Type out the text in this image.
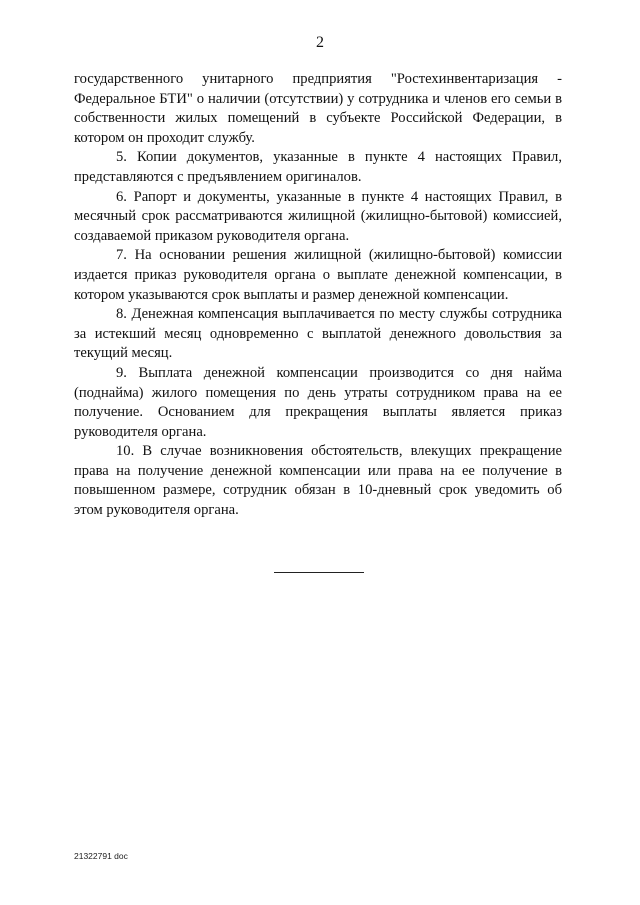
2

государственного унитарного предприятия "Ростехинвентаризация - Федеральное БТИ" о наличии (отсутствии) у сотрудника и членов его семьи в собственности жилых помещений в субъекте Российской Федерации, в котором он проходит службу.

5. Копии документов, указанные в пункте 4 настоящих Правил, представляются с предъявлением оригиналов.

6. Рапорт и документы, указанные в пункте 4 настоящих Правил, в месячный срок рассматриваются жилищной (жилищно-бытовой) комиссией, создаваемой приказом руководителя органа.

7. На основании решения жилищной (жилищно-бытовой) комиссии издается приказ руководителя органа о выплате денежной компенсации, в котором указываются срок выплаты и размер денежной компенсации.

8. Денежная компенсация выплачивается по месту службы сотрудника за истекший месяц одновременно с выплатой денежного довольствия за текущий месяц.

9. Выплата денежной компенсации производится со дня найма (поднайма) жилого помещения по день утраты сотрудником права на ее получение. Основанием для прекращения выплаты является приказ руководителя органа.

10. В случае возникновения обстоятельств, влекущих прекращение права на получение денежной компенсации или права на ее получение в повышенном размере, сотрудник обязан в 10-дневный срок уведомить об этом руководителя органа.

21322791 doc
